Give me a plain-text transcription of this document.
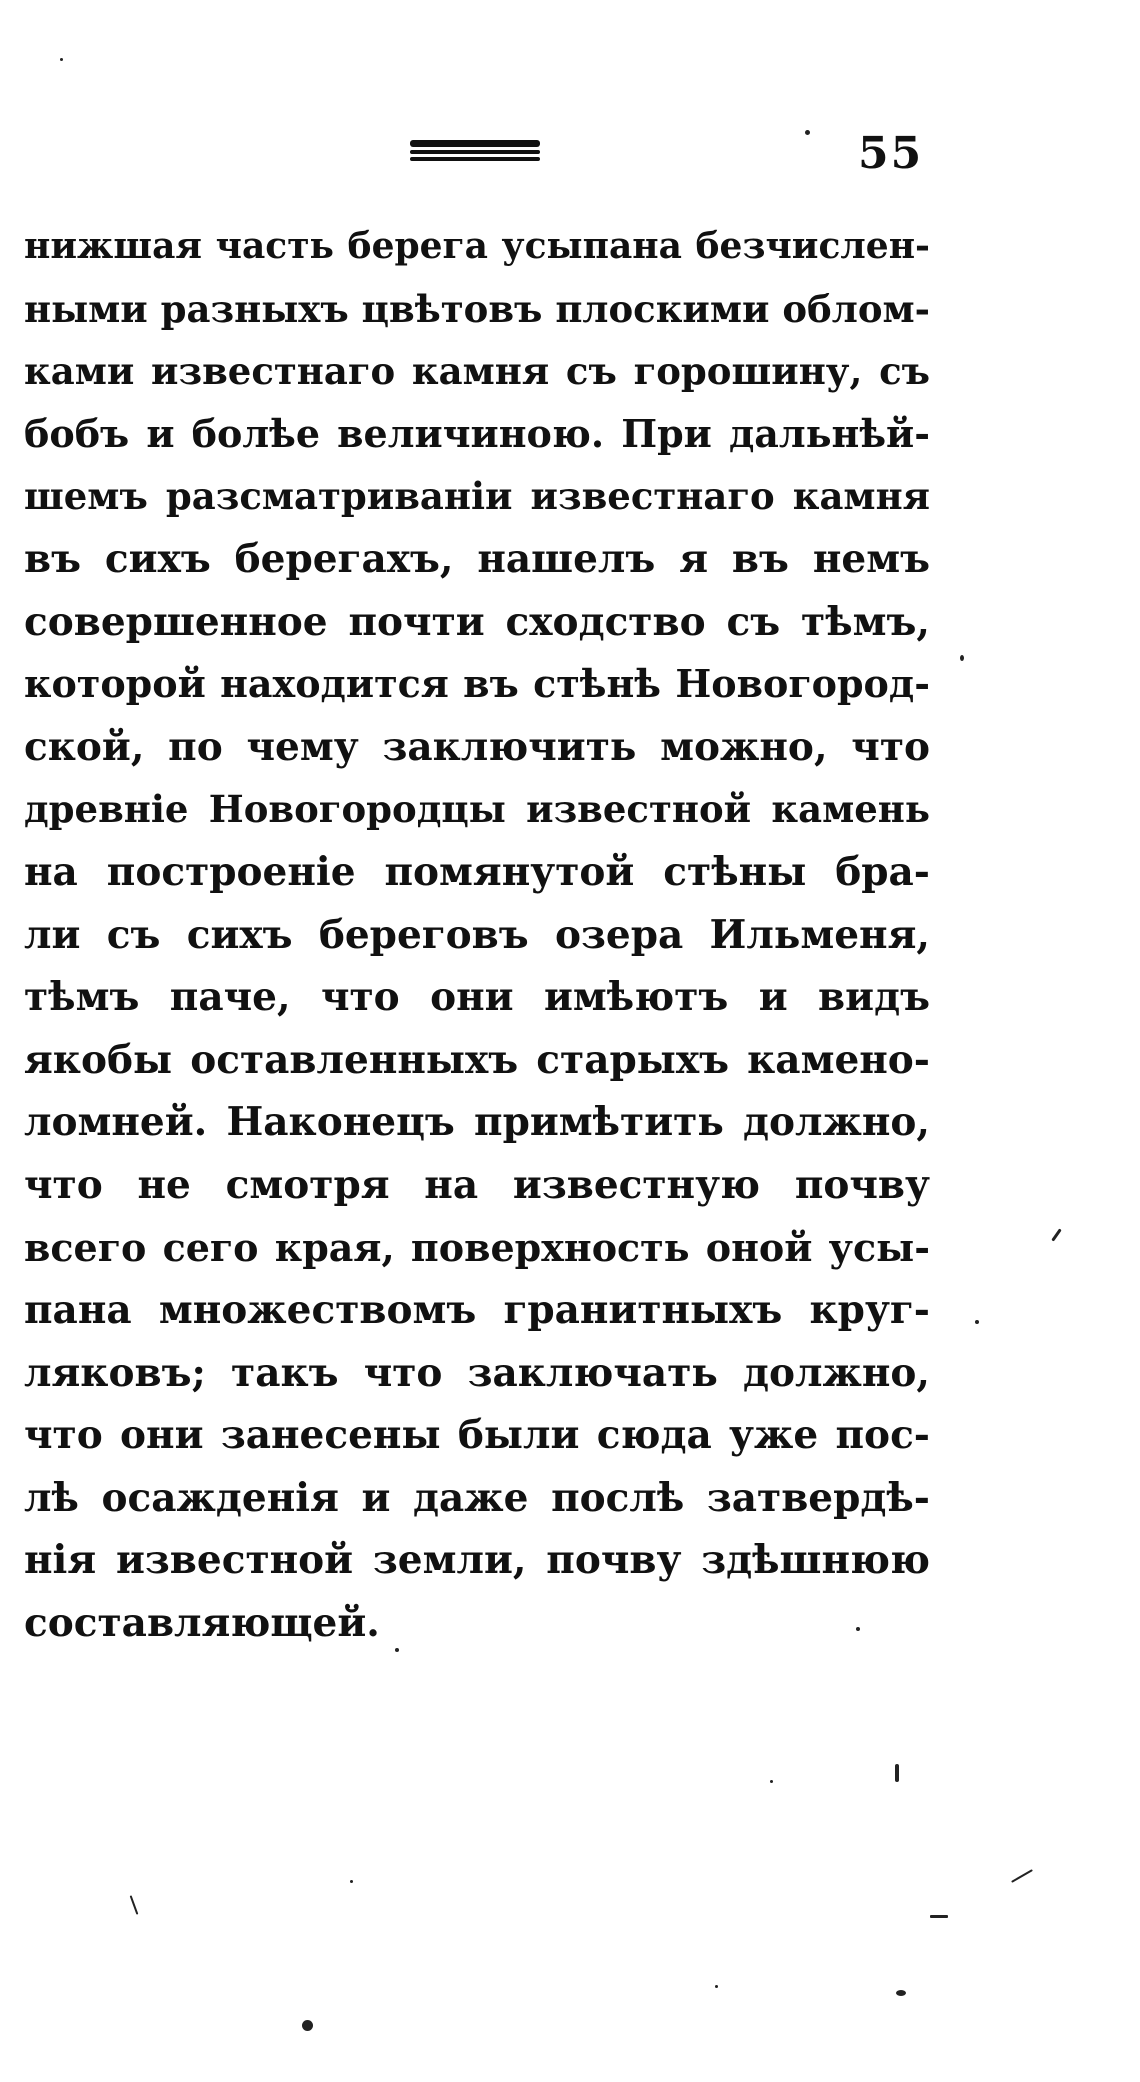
55
нижшая часть берега усыпана безчислен-
ными разныхъ цвѣтовъ плоскими облом-
ками известнаго камня съ горошину, съ
бобъ и болѣе величиною. При дальнѣй-
шемъ разсматриванiи известнаго камня
въ сихъ берегахъ, нашелъ я въ немъ
совершенное почти сходство съ тѣмъ,
которой находится въ стѣнѣ Новогород-
ской, по чему заключить можно, что
древнiе Новогородцы известной камень
на построенiе помянутой стѣны бра-
ли съ сихъ береговъ озера Ильменя,
тѣмъ паче, что они имѣютъ и видъ
якобы оставленныхъ старыхъ камено-
ломней. Наконецъ примѣтить должно,
что не смотря на известную почву
всего сего края, поверхность оной усы-
пана множествомъ гранитныхъ круг-
ляковъ; такъ что заключать должно,
что они занесены были сюда уже пос-
лѣ осажденiя и даже послѣ затвердѣ-
нiя известной земли, почву здѣшнюю
составляющей.
